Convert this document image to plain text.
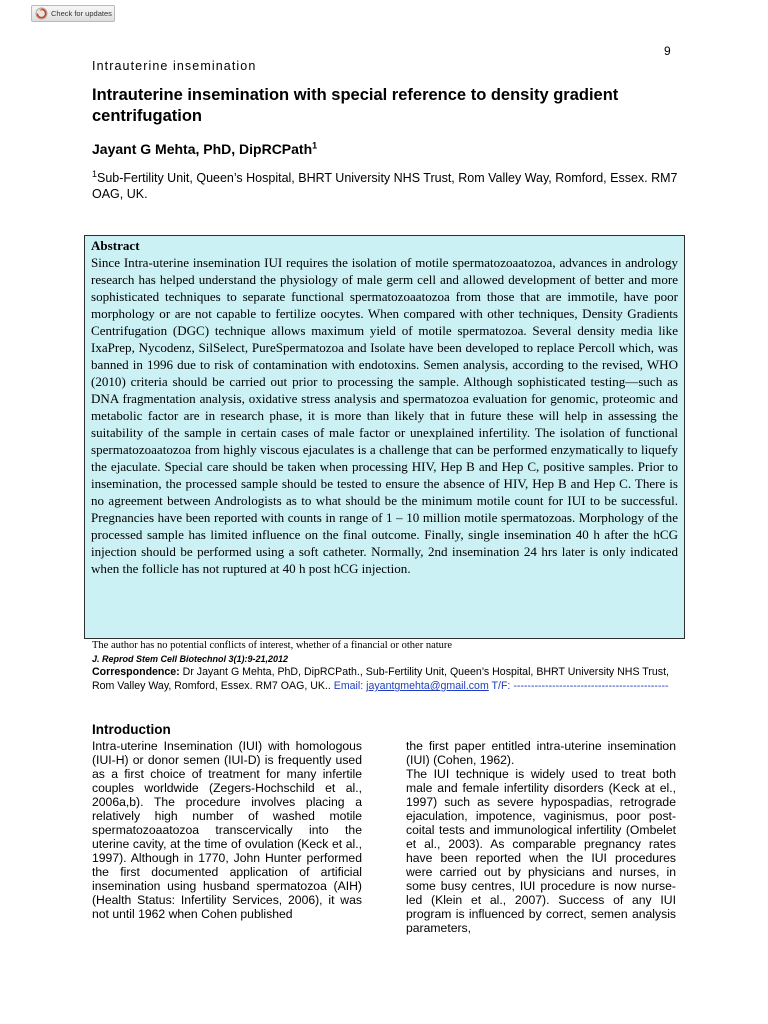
Check for updates
9
Intrauterine insemination
Intrauterine insemination with special reference to density gradient centrifugation
Jayant G Mehta, PhD, DipRCPath$^1$
$^1$Sub-Fertility Unit, Queen’s Hospital, BHRT University NHS Trust, Rom Valley Way, Romford, Essex. RM7 OAG, UK.
Abstract

Since Intra-uterine insemination IUI requires the isolation of motile spermatozoaatozoa, advances in andrology research has helped understand the physiology of male germ cell and allowed development of better and more sophisticated techniques to separate functional spermatozoaatozoa from those that are immotile, have poor morphology or are not capable to fertilize oocytes. When compared with other techniques, Density Gradients Centrifugation (DGC) technique allows maximum yield of motile spermatozoa. Several density media like IxaPrep, Nycodenz, SilSelect, PureSpermatozoa and Isolate have been developed to replace Percoll which, was banned in 1996 due to risk of contamination with endotoxins. Semen analysis, according to the revised, WHO (2010) criteria should be carried out prior to processing the sample. Although sophisticated testing—such as DNA fragmentation analysis, oxidative stress analysis and spermatozoa evaluation for genomic, proteomic and metabolic factor are in research phase, it is more than likely that in future these will help in assessing the suitability of the sample in certain cases of male factor or unexplained infertility. The isolation of functional spermatozoaatozoa from highly viscous ejaculates is a challenge that can be performed enzymatically to liquefy the ejaculate. Special care should be taken when processing HIV, Hep B and Hep C, positive samples. Prior to insemination, the processed sample should be tested to ensure the absence of HIV, Hep B and Hep C. There is no agreement between Andrologists as to what should be the minimum motile count for IUI to be successful. Pregnancies have been reported with counts in range of 1 – 10 million motile spermatozoas. Morphology of the processed sample has limited influence on the final outcome. Finally, single insemination 40 h after the hCG injection should be performed using a soft catheter. Normally, 2nd insemination 24 hrs later is only indicated when the follicle has not ruptured at 40 h post hCG injection.

The author has no potential conflicts of interest, whether of a financial or other nature
J. Reprod Stem Cell Biotechnol 3(1):9-21,2012
Correspondence: Dr Jayant G Mehta, PhD, DipRCPath., Sub-Fertility Unit, Queen’s Hospital, BHRT University NHS Trust, Rom Valley Way, Romford, Essex. RM7 OAG, UK.. Email: jayantgmehta@gmail.com T/F: --------------------------------------------
Introduction

Intra-uterine Insemination (IUI) with homologous (IUI-H) or donor semen (IUI-D) is frequently used as a first choice of treatment for many infertile couples worldwide (Zegers-Hochschild et al., 2006a,b). The procedure involves placing a relatively high number of washed motile spermatozoaatozoa transcervically into the uterine cavity, at the time of ovulation (Keck et al., 1997). Although in 1770, John Hunter performed the first documented application of artificial insemination using husband spermatozoa (AIH) (Health Status: Infertility Services, 2006), it was not until 1962 when Cohen published

the first paper entitled intra-uterine insemination (IUI) (Cohen, 1962).

The IUI technique is widely used to treat both male and female infertility disorders (Keck at el., 1997) such as severe hypospadias, retrograde ejaculation, impotence, vaginismus, poor post-coital tests and immunological infertility (Ombelet et al., 2003). As comparable pregnancy rates have been reported when the IUI procedures were carried out by physicians and nurses, in some busy centres, IUI procedure is now nurse-led (Klein et al., 2007). Success of any IUI program is influenced by correct, semen analysis parameters,
